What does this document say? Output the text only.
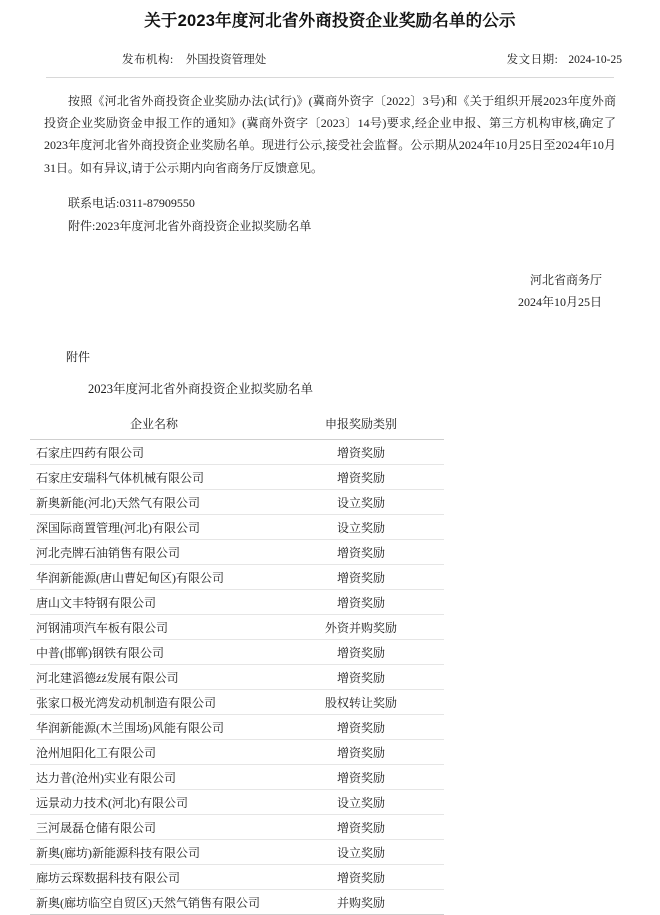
关于2023年度河北省外商投资企业奖励名单的公示
发布机构: 外国投资管理处	发文日期: 2024-10-25

按照《河北省外商投资企业奖励办法(试行)》(冀商外资字〔2022〕3号)和《关于组织开展2023年度外商投资企业奖励资金申报工作的通知》(冀商外资字〔2023〕14号)要求,经企业申报、第三方机构审核,确定了2023年度河北省外商投资企业奖励名单。现进行公示,接受社会监督。公示期从2024年10月25日至2024年10月31日。如有异议,请于公示期内向省商务厅反馈意见。

联系电话:0311-87909550

附件:2023年度河北省外商投资企业拟奖励名单

河北省商务厅
2024年10月25日
附件
2023年度河北省外商投资企业拟奖励名单
企业名称	申报奖励类别
石家庄四药有限公司	增资奖励
石家庄安瑞科气体机械有限公司	增资奖励
新奥新能(河北)天然气有限公司	设立奖励
深国际商置管理(河北)有限公司	设立奖励
河北壳牌石油销售有限公司	增资奖励
华润新能源(唐山曹妃甸区)有限公司	增资奖励
唐山文丰特钢有限公司	增资奖励
河钢浦项汽车板有限公司	外资并购奖励
中普(邯郸)钢铁有限公司	增资奖励
河北建滔德źź发展有限公司	增资奖励
张家口极光湾发动机制造有限公司	股权转让奖励
华润新能源(木兰围场)风能有限公司	增资奖励
沧州旭阳化工有限公司	增资奖励
达力普(沧州)实业有限公司	增资奖励
远景动力技术(河北)有限公司	设立奖励
三河晟磊仓储有限公司	增资奖励
新奥(廊坊)新能源科技有限公司	设立奖励
廊坊云琛数据科技有限公司	增资奖励
新奥(廊坊临空自贸区)天然气销售有限公司	并购奖励
